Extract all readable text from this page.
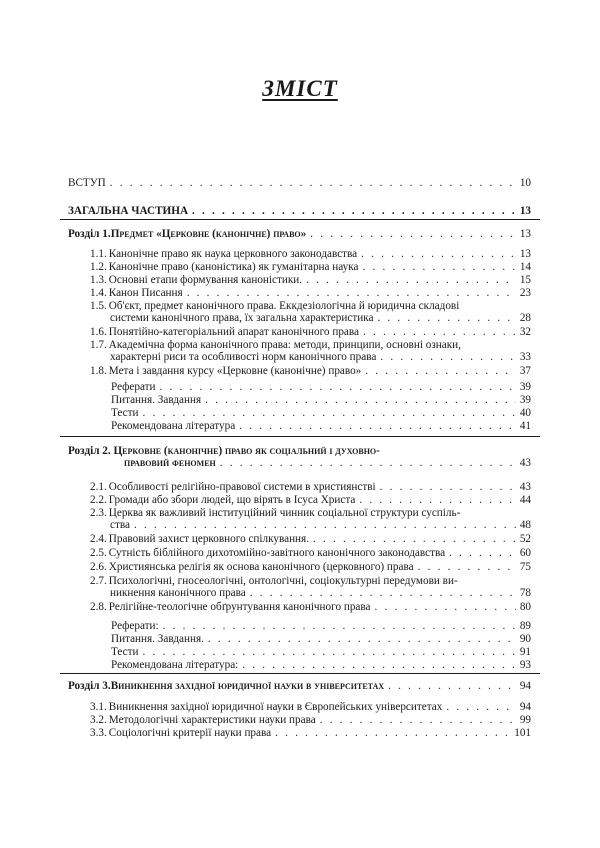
ЗМІСТ
ВСТУП . . .	10
ЗАГАЛЬНА ЧАСТИНА . . .	13
Розділ 1. Предмет «Церковне (канонічне) право» . . .	13
1.1. Канонічне право як наука церковного законодавства . . .	13
1.2. Канонічне право (каноністика) як гуманітарна наука . . .	14
1.3. Основні етапи формування каноністики. . . .	15
1.4. Канон Писання . . .	23
1.5. Об'єкт, предмет канонічного права. Еккдезіологічна й юридична складові
системи канонічного права, їх загальна характеристика . . .	28
1.6. Понятійно-категоріальний апарат канонічного права . . .	32
1.7. Академічна форма канонічного права: методи, принципи, основні ознаки,
характерні риси та особливості норм канонічного права . . .	33
1.8. Мета і завдання курсу «Церковне (канонічне) право» . . .	37
Реферати . . .	39
Питання. Завдання . . .	39
Тести . . .	40
Рекомендована література . . .	41
Розділ 2. Церковне (канонічне) право як соціальний і духовно-
правовий феномен . . .	43
2.1. Особливості релігійно-правової системи в християнстві . . .	43
2.2. Громади або збори людей, що вірять в Ісуса Христа . . .	44
2.3. Церква як важливий інституційний чинник соціальної структури суспіль-
ства . . .	48
2.4. Правовий захист церковного спілкування. . . .	52
2.5. Сутність біблійного дихотомійно-завітного канонічного законодавства . . .	60
2.6. Християнська релігія як основа канонічного (церковного) права . . .	75
2.7. Психологічні, гносеологічні, онтологічні, соціокультурні передумови ви-
никнення канонічного права . . .	78
2.8. Релігійне-теологічне обґрунтування канонічного права . . .	80
Реферати: . . .	89
Питання. Завдання. . . .	90
Тести . . .	91
Рекомендована література: . . .	93
Розділ 3. Виникнення західної юридичної науки в університетах . . .	94
3.1. Виникнення західної юридичної науки в Європейських університетах . . .	94
3.2. Методологічні характеристики науки права . . .	99
3.3. Соціологічні критерії науки права . . .	101
